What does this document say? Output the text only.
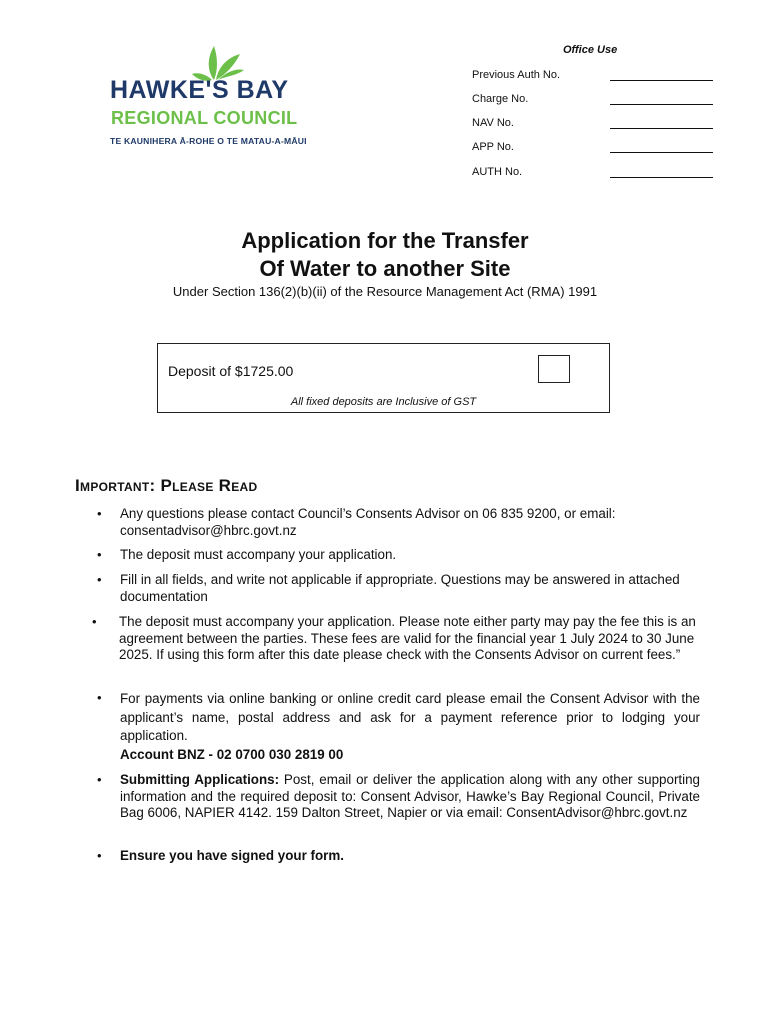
HAWKE'S BAY
REGIONAL COUNCIL
TE KAUNIHERA Ā-ROHE O TE MATAU-A-MĀUI
Office Use
Previous Auth No.
Charge No.
NAV No.
APP No.
AUTH No.
Application for the Transfer
Of Water to another Site
Under Section 136(2)(b)(ii) of the Resource Management Act (RMA) 1991
Deposit of $1725.00
All fixed deposits are Inclusive of GST
Important: Please Read
• Any questions please contact Council’s Consents Advisor on 06 835 9200, or email: consentadvisor@hbrc.govt.nz
• The deposit must accompany your application.
• Fill in all fields, and write not applicable if appropriate. Questions may be answered in attached documentation
• The deposit must accompany your application. Please note either party may pay the fee this is an agreement between the parties. These fees are valid for the financial year 1 July 2024 to 30 June 2025. If using this form after this date please check with the Consents Advisor on current fees.”
• For payments via online banking or online credit card please email the Consent Advisor with the applicant’s name, postal address and ask for a payment reference prior to lodging your application.
Account BNZ - 02 0700 030 2819 00
• Submitting Applications: Post, email or deliver the application along with any other supporting information and the required deposit to: Consent Advisor, Hawke’s Bay Regional Council, Private Bag 6006, NAPIER 4142. 159 Dalton Street, Napier or via email: ConsentAdvisor@hbrc.govt.nz
• Ensure you have signed your form.
